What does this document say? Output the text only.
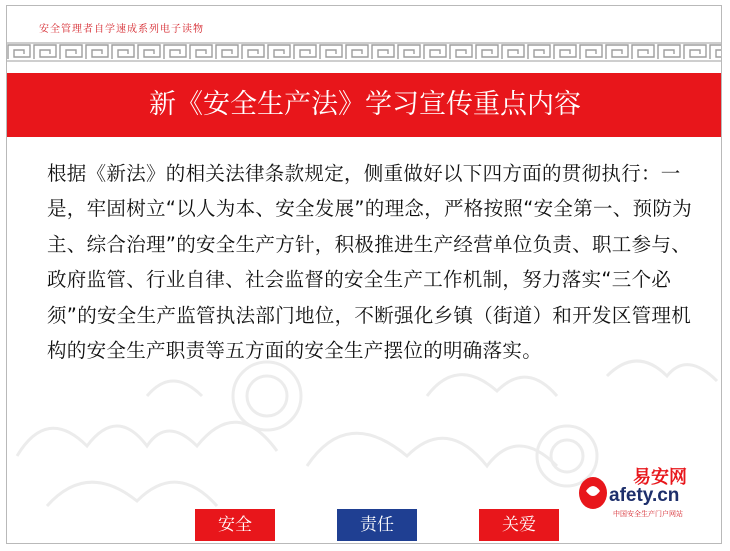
安全管理者自学速成系列电子读物
新《安全生产法》学习宣传重点内容
根据《新法》的相关法律条款规定，侧重做好以下四方面的贯彻执行：一是，牢固树立“以人为本、安全发展”的理念，严格按照“安全第一、预防为主、综合治理”的安全生产方针，积极推进生产经营单位负责、职工参与、政府监管、行业自律、社会监督的安全生产工作机制，努力落实“三个必须”的安全生产监管执法部门地位，不断强化乡镇（街道）和开发区管理机构的安全生产职责等五方面的安全生产摆位的明确落实。
易安网
afety.cn
中国安全生产门户网站
安全	责任	关爱
